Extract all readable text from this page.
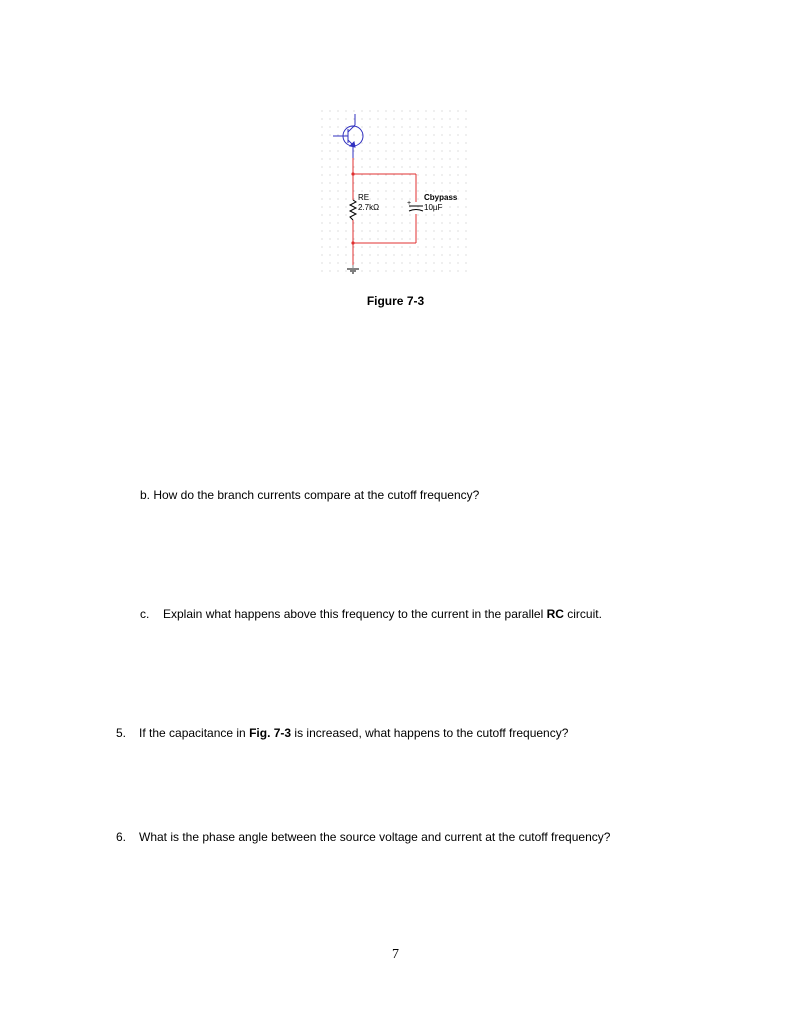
+
RE
2.7kΩ
Cbypass
10µF
Figure 7-3
b. How do the branch currents compare at the cutoff frequency?
c. Explain what happens above this frequency to the current in the parallel RC circuit.
5. If the capacitance in Fig. 7-3 is increased, what happens to the cutoff frequency?
6. What is the phase angle between the source voltage and current at the cutoff frequency?
7
